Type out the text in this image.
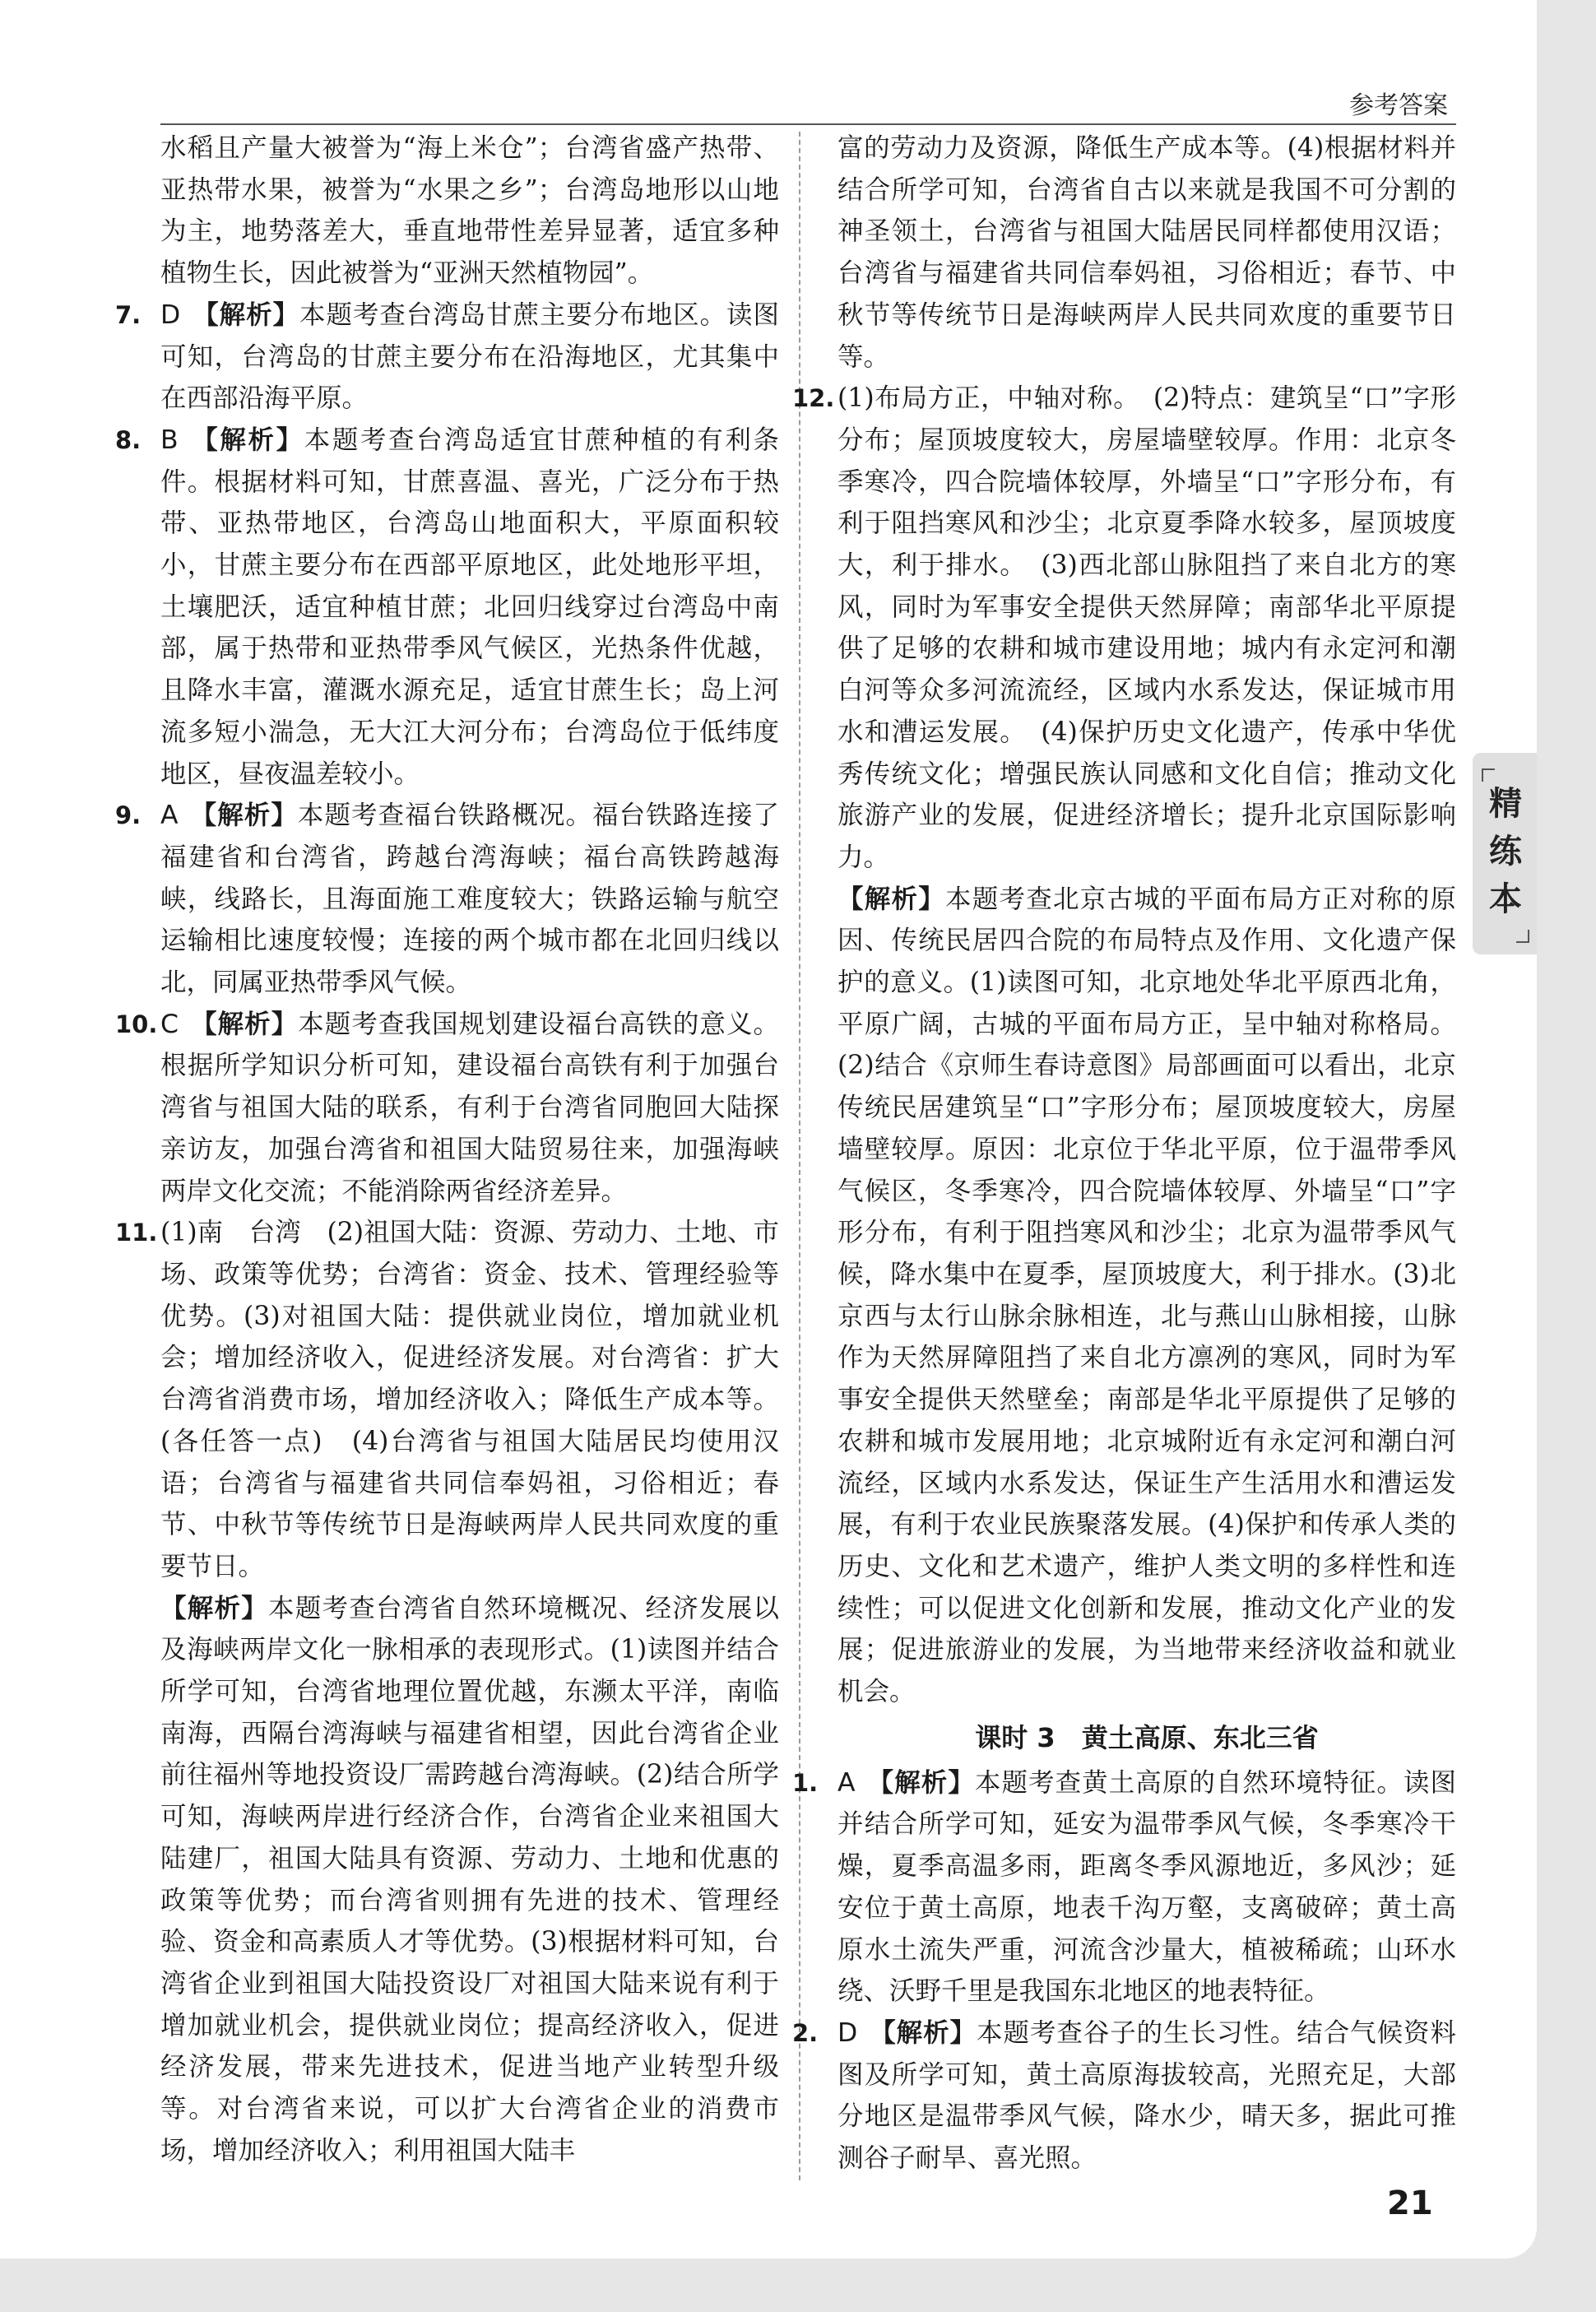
参考答案
水稻且产量大被誉为“海上米仓”；台湾省盛产热带、亚热带水果，被誉为“水果之乡”；台湾岛地形以山地为主，地势落差大，垂直地带性差异显著，适宜多种植物生长，因此被誉为“亚洲天然植物园”。
7. D 【解析】本题考查台湾岛甘蔗主要分布地区。读图可知，台湾岛的甘蔗主要分布在沿海地区，尤其集中在西部沿海平原。
8. B 【解析】本题考查台湾岛适宜甘蔗种植的有利条件。根据材料可知，甘蔗喜温、喜光，广泛分布于热带、亚热带地区，台湾岛山地面积大，平原面积较小，甘蔗主要分布在西部平原地区，此处地形平坦，土壤肥沃，适宜种植甘蔗；北回归线穿过台湾岛中南部，属于热带和亚热带季风气候区，光热条件优越，且降水丰富，灌溉水源充足，适宜甘蔗生长；岛上河流多短小湍急，无大江大河分布；台湾岛位于低纬度地区，昼夜温差较小。
9. A 【解析】本题考查福台铁路概况。福台铁路连接了福建省和台湾省，跨越台湾海峡；福台高铁跨越海峡，线路长，且海面施工难度较大；铁路运输与航空运输相比速度较慢；连接的两个城市都在北回归线以北，同属亚热带季风气候。
10. C 【解析】本题考查我国规划建设福台高铁的意义。根据所学知识分析可知，建设福台高铁有利于加强台湾省与祖国大陆的联系，有利于台湾省同胞回大陆探亲访友，加强台湾省和祖国大陆贸易往来，加强海峡两岸文化交流；不能消除两省经济差异。
11. (1)南　台湾　(2)祖国大陆：资源、劳动力、土地、市场、政策等优势；台湾省：资金、技术、管理经验等优势。(3)对祖国大陆：提供就业岗位，增加就业机会；增加经济收入，促进经济发展。对台湾省：扩大台湾省消费市场，增加经济收入；降低生产成本等。(各任答一点)　(4)台湾省与祖国大陆居民均使用汉语；台湾省与福建省共同信奉妈祖，习俗相近；春节、中秋节等传统节日是海峡两岸人民共同欢度的重要节日。
【解析】本题考查台湾省自然环境概况、经济发展以及海峡两岸文化一脉相承的表现形式。(1)读图并结合所学可知，台湾省地理位置优越，东濒太平洋，南临南海，西隔台湾海峡与福建省相望，因此台湾省企业前往福州等地投资设厂需跨越台湾海峡。(2)结合所学可知，海峡两岸进行经济合作，台湾省企业来祖国大陆建厂，祖国大陆具有资源、劳动力、土地和优惠的政策等优势；而台湾省则拥有先进的技术、管理经验、资金和高素质人才等优势。(3)根据材料可知，台湾省企业到祖国大陆投资设厂对祖国大陆来说有利于增加就业机会，提供就业岗位；提高经济收入，促进经济发展，带来先进技术，促进当地产业转型升级等。对台湾省来说，可以扩大台湾省企业的消费市场，增加经济收入；利用祖国大陆丰
富的劳动力及资源，降低生产成本等。(4)根据材料并结合所学可知，台湾省自古以来就是我国不可分割的神圣领土，台湾省与祖国大陆居民同样都使用汉语；台湾省与福建省共同信奉妈祖，习俗相近；春节、中秋节等传统节日是海峡两岸人民共同欢度的重要节日等。
12. (1)布局方正，中轴对称。　(2)特点：建筑呈“口”字形分布；屋顶坡度较大，房屋墙壁较厚。作用：北京冬季寒冷，四合院墙体较厚，外墙呈“口”字形分布，有利于阻挡寒风和沙尘；北京夏季降水较多，屋顶坡度大，利于排水。　(3)西北部山脉阻挡了来自北方的寒风，同时为军事安全提供天然屏障；南部华北平原提供了足够的农耕和城市建设用地；城内有永定河和潮白河等众多河流流经，区域内水系发达，保证城市用水和漕运发展。　(4)保护历史文化遗产，传承中华优秀传统文化；增强民族认同感和文化自信；推动文化旅游产业的发展，促进经济增长；提升北京国际影响力。
【解析】本题考查北京古城的平面布局方正对称的原因、传统民居四合院的布局特点及作用、文化遗产保护的意义。(1)读图可知，北京地处华北平原西北角，平原广阔，古城的平面布局方正，呈中轴对称格局。(2)结合《京师生春诗意图》局部画面可以看出，北京传统民居建筑呈“口”字形分布；屋顶坡度较大，房屋墙壁较厚。原因：北京位于华北平原，位于温带季风气候区，冬季寒冷，四合院墙体较厚、外墙呈“口”字形分布，有利于阻挡寒风和沙尘；北京为温带季风气候，降水集中在夏季，屋顶坡度大，利于排水。(3)北京西与太行山脉余脉相连，北与燕山山脉相接，山脉作为天然屏障阻挡了来自北方凛冽的寒风，同时为军事安全提供天然壁垒；南部是华北平原提供了足够的农耕和城市发展用地；北京城附近有永定河和潮白河流经，区域内水系发达，保证生产生活用水和漕运发展，有利于农业民族聚落发展。(4)保护和传承人类的历史、文化和艺术遗产，维护人类文明的多样性和连续性；可以促进文化创新和发展，推动文化产业的发展；促进旅游业的发展，为当地带来经济收益和就业机会。
课时 3　黄土高原、东北三省
1. A 【解析】本题考查黄土高原的自然环境特征。读图并结合所学可知，延安为温带季风气候，冬季寒冷干燥，夏季高温多雨，距离冬季风源地近，多风沙；延安位于黄土高原，地表千沟万壑，支离破碎；黄土高原水土流失严重，河流含沙量大，植被稀疏；山环水绕、沃野千里是我国东北地区的地表特征。
2. D 【解析】本题考查谷子的生长习性。结合气候资料图及所学可知，黄土高原海拔较高，光照充足，大部分地区是温带季风气候，降水少，晴天多，据此可推测谷子耐旱、喜光照。
精练本
21
